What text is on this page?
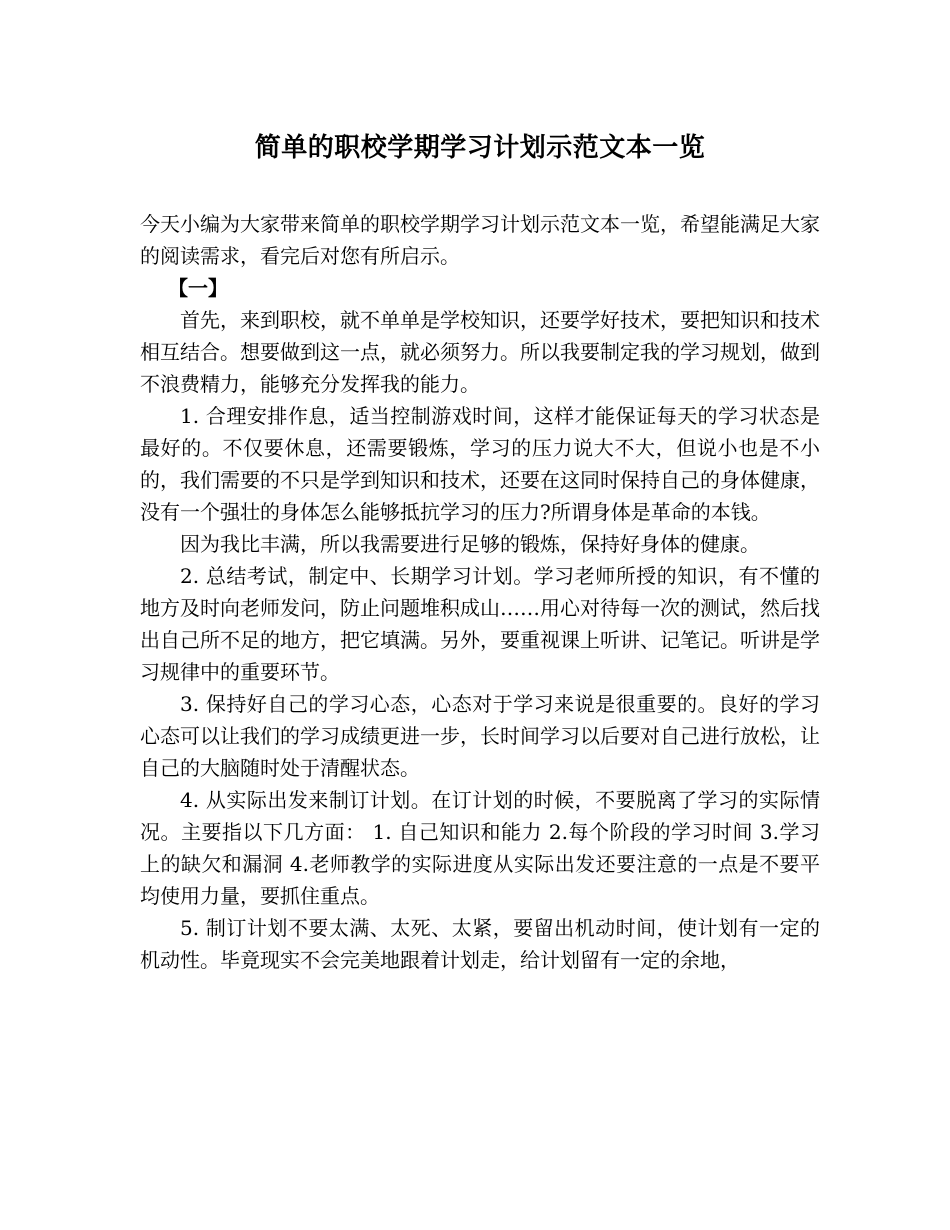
简单的职校学期学习计划示范文本一览

今天小编为大家带来简单的职校学期学习计划示范文本一览，希望能满足大家的阅读需求，看完后对您有所启示。

【一】

首先，来到职校，就不单单是学校知识，还要学好技术，要把知识和技术相互结合。想要做到这一点，就必须努力。所以我要制定我的学习规划，做到不浪费精力，能够充分发挥我的能力。

1. 合理安排作息，适当控制游戏时间，这样才能保证每天的学习状态是最好的。不仅要休息，还需要锻炼，学习的压力说大不大，但说小也是不小的，我们需要的不只是学到知识和技术，还要在这同时保持自己的身体健康，没有一个强壮的身体怎么能够抵抗学习的压力?所谓身体是革命的本钱。

因为我比丰满，所以我需要进行足够的锻炼，保持好身体的健康。

2. 总结考试，制定中、长期学习计划。学习老师所授的知识，有不懂的地方及时向老师发问，防止问题堆积成山……用心对待每一次的测试，然后找出自己所不足的地方，把它填满。另外，要重视课上听讲、记笔记。听讲是学习规律中的重要环节。

3. 保持好自己的学习心态，心态对于学习来说是很重要的。良好的学习心态可以让我们的学习成绩更进一步，长时间学习以后要对自己进行放松，让自己的大脑随时处于清醒状态。

4. 从实际出发来制订计划。在订计划的时候，不要脱离了学习的实际情况。主要指以下几方面： 1. 自己知识和能力 2.每个阶段的学习时间 3.学习上的缺欠和漏洞 4.老师教学的实际进度从实际出发还要注意的一点是不要平均使用力量，要抓住重点。

5. 制订计划不要太满、太死、太紧，要留出机动时间，使计划有一定的机动性。毕竟现实不会完美地跟着计划走，给计划留有一定的余地，
